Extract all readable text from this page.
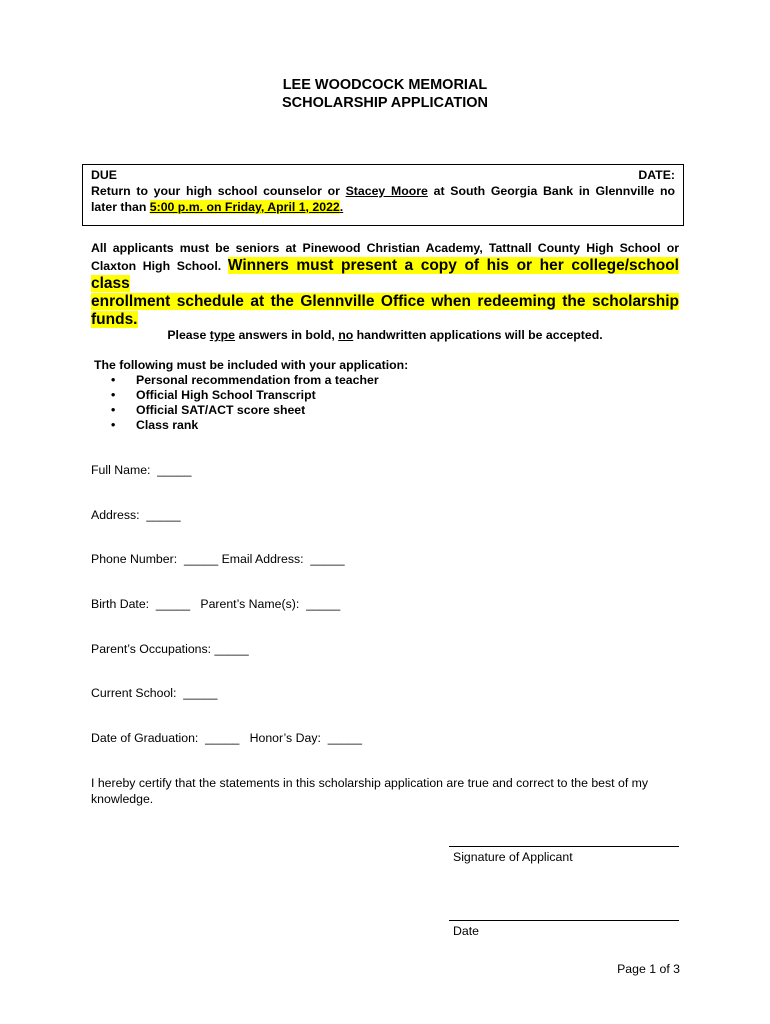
LEE WOODCOCK MEMORIAL
SCHOLARSHIP APPLICATION
DUE DATE:
Return to your high school counselor or Stacey Moore at South Georgia Bank in Glennville no
later than 5:00 p.m. on Friday, April 1, 2022.
All applicants must be seniors at Pinewood Christian Academy, Tattnall County High School or
Claxton High School. Winners must present a copy of his or her college/school class
enrollment schedule at the Glennville Office when redeeming the scholarship
funds.
Please type answers in bold, no handwritten applications will be accepted.
The following must be included with your application:
• Personal recommendation from a teacher
• Official High School Transcript
• Official SAT/ACT score sheet
• Class rank
Full Name:  _____
Address:  _____
Phone Number:  _____ Email Address:  _____
Birth Date:  _____   Parent’s Name(s):  _____
Parent’s Occupations: _____
Current School:  _____
Date of Graduation:  _____   Honor’s Day:  _____
I hereby certify that the statements in this scholarship application are true and correct to the best of my knowledge.
Signature of Applicant
Date
Page 1 of 3
